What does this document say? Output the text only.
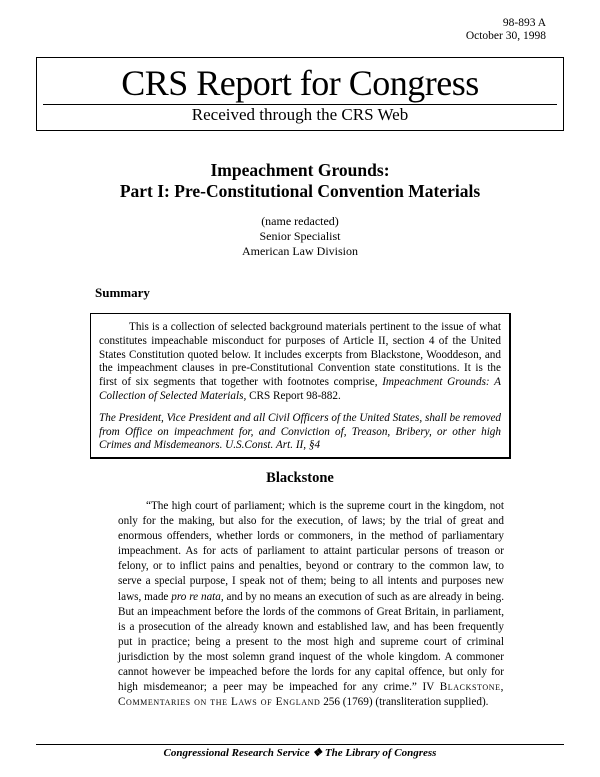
98-893 A
October 30, 1998
CRS Report for Congress
Received through the CRS Web
Impeachment Grounds:
Part I: Pre-Constitutional Convention Materials
(name redacted)
Senior Specialist
American Law Division
Summary

This is a collection of selected background materials pertinent to the issue of what constitutes impeachable misconduct for purposes of Article II, section 4 of the United States Constitution quoted below. It includes excerpts from Blackstone, Wooddeson, and the impeachment clauses in pre-Constitutional Convention state constitutions. It is the first of six segments that together with footnotes comprise, Impeachment Grounds: A Collection of Selected Materials, CRS Report 98-882.

The President, Vice President and all Civil Officers of the United States, shall be removed from Office on impeachment for, and Conviction of, Treason, Bribery, or other high Crimes and Misdemeanors. U.S.Const. Art. II, §4

Blackstone
“The high court of parliament; which is the supreme court in the kingdom, not only for the making, but also for the execution, of laws; by the trial of great and enormous offenders, whether lords or commoners, in the method of parliamentary impeachment. As for acts of parliament to attaint particular persons of treason or felony, or to inflict pains and penalties, beyond or contrary to the common law, to serve a special purpose, I speak not of them; being to all intents and purposes new laws, made pro re nata, and by no means an execution of such as are already in being. But an impeachment before the lords of the commons of Great Britain, in parliament, is a prosecution of the already known and established law, and has been frequently put in practice; being a present to the most high and supreme court of criminal jurisdiction by the most solemn grand inquest of the whole kingdom. A commoner cannot however be impeached before the lords for any capital offence, but only for high misdemeanor; a peer may be impeached for any crime.” IV Blackstone, Commentaries on the Laws of England 256 (1769) (transliteration supplied).
Congressional Research Service ❖ The Library of Congress
